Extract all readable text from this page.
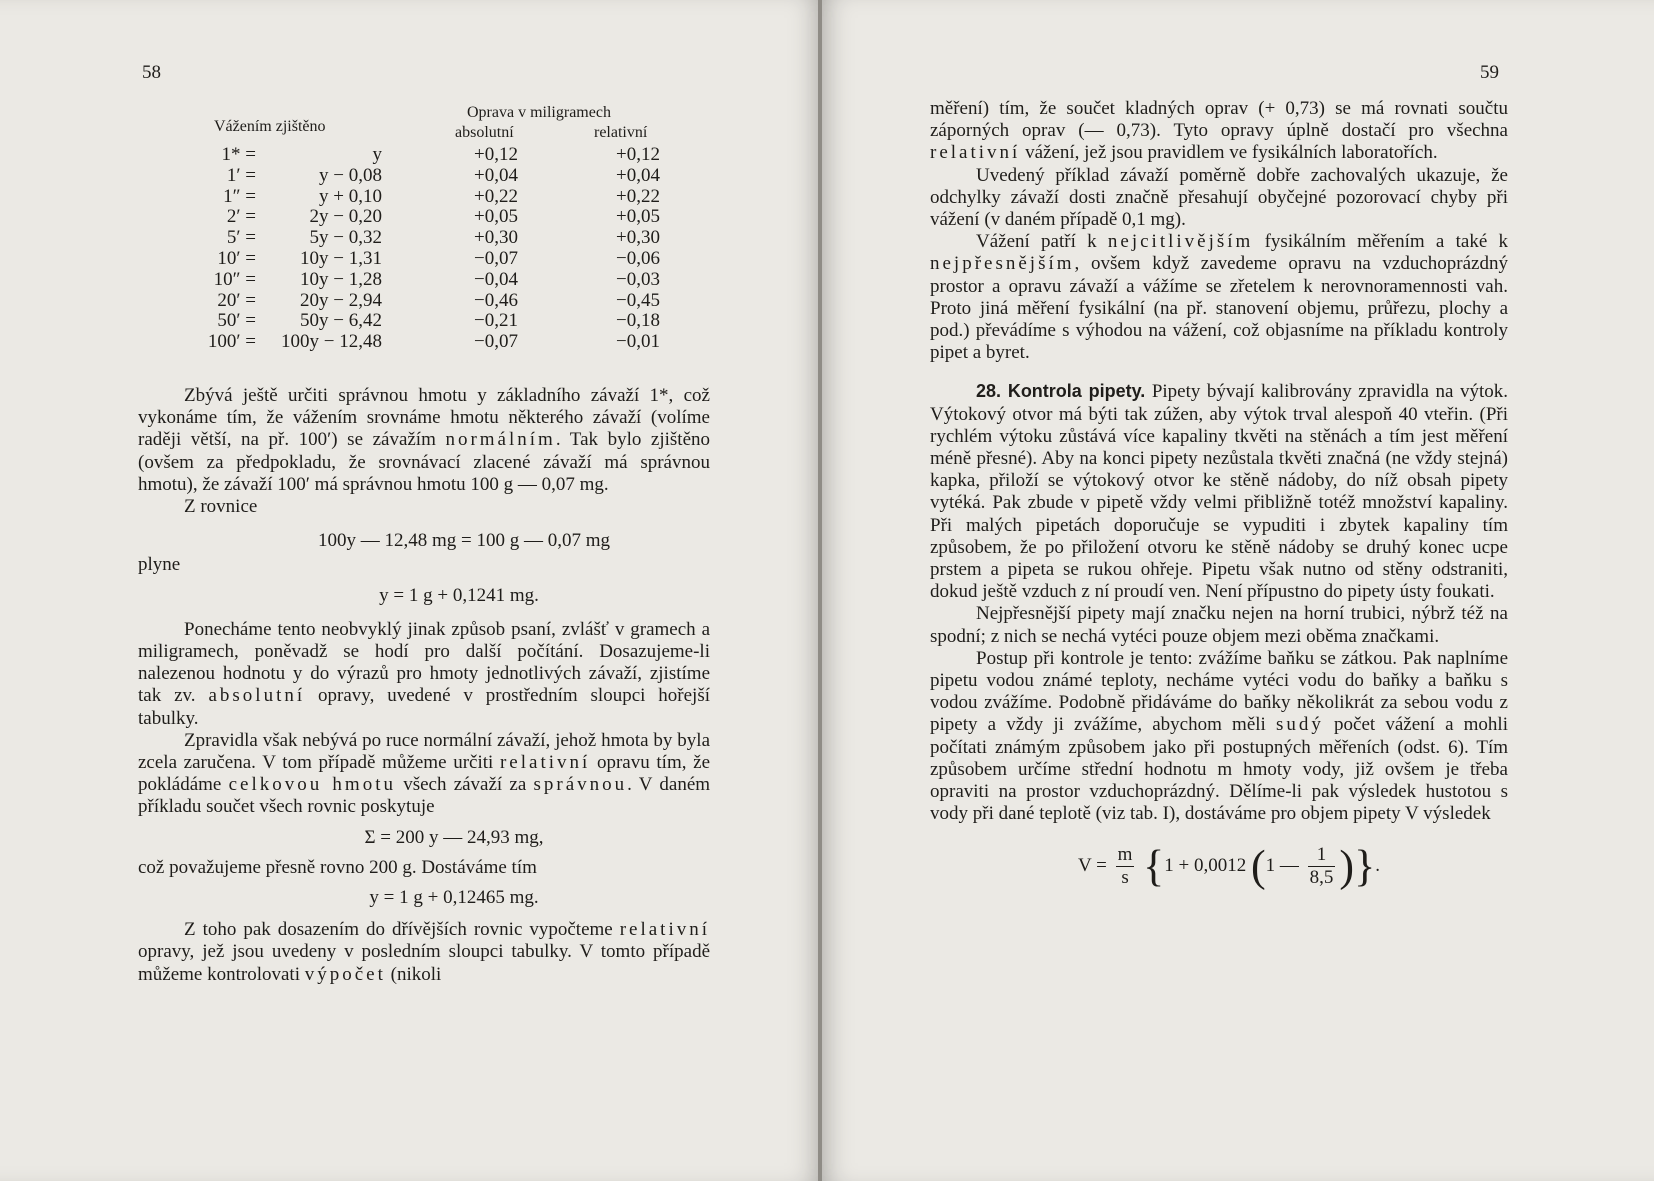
58
Vážením zjištěno
Oprava v miligramech
absolutní	relativní
1* =	y	+0,12	+0,12
1′ =	y − 0,08	+0,04	+0,04
1″ =	y + 0,10	+0,22	+0,22
2′ =	2y − 0,20	+0,05	+0,05
5′ =	5y − 0,32	+0,30	+0,30
10′ =	10y − 1,31	−0,07	−0,06
10″ =	10y − 1,28	−0,04	−0,03
20′ =	20y − 2,94	−0,46	−0,45
50′ =	50y − 6,42	−0,21	−0,18
100′ =	100y − 12,48	−0,07	−0,01

Zbývá ještě určiti správnou hmotu y základního závaží 1*, což vykonáme tím, že vážením srovnáme hmotu některého závaží (volíme raději větší, na př. 100′) se závažím normálním. Tak bylo zjištěno (ovšem za předpokladu, že srovnávací zlacené závaží má správnou hmotu), že závaží 100′ má správnou hmotu 100 g — 0,07 mg.

Z rovnice

100y — 12,48 mg = 100 g — 0,07 mg

plyne

y = 1 g + 0,1241 mg.

Ponecháme tento neobvyklý jinak způsob psaní, zvlášť v gramech a miligramech, poněvadž se hodí pro další počítání. Dosazujeme-li nalezenou hodnotu y do výrazů pro hmoty jednotlivých závaží, zjistíme tak zv. absolutní opravy, uvedené v prostředním sloupci hořejší tabulky.

Zpravidla však nebývá po ruce normální závaží, jehož hmota by byla zcela zaručena. V tom případě můžeme určiti relativní opravu tím, že pokládáme celkovou hmotu všech závaží za správnou. V daném příkladu součet všech rovnic poskytuje

Σ = 200 y — 24,93 mg,

což považujeme přesně rovno 200 g. Dostáváme tím

y = 1 g + 0,12465 mg.

Z toho pak dosazením do dřívějších rovnic vypočteme relativní opravy, jež jsou uvedeny v posledním sloupci tabulky. V tomto případě můžeme kontrolovati výpočet (nikoli

59

měření) tím, že součet kladných oprav (+ 0,73) se má rovnati součtu záporných oprav (— 0,73). Tyto opravy úplně dostačí pro všechna relativní vážení, jež jsou pravidlem ve fysikálních laboratořích.

Uvedený příklad závaží poměrně dobře zachovalých ukazuje, že odchylky závaží dosti značně přesahují obyčejné pozorovací chyby při vážení (v daném případě 0,1 mg).

Vážení patří k nejcitlivějším fysikálním měřením a také k nejpřesnějším, ovšem když zavedeme opravu na vzduchoprázdný prostor a opravu závaží a vážíme se zřetelem k nerovnoramennosti vah. Proto jiná měření fysikální (na př. stanovení objemu, průřezu, plochy a pod.) převádíme s výhodou na vážení, což objasníme na příkladu kontroly pipet a byret.

28. Kontrola pipety. Pipety bývají kalibrovány zpravidla na výtok. Výtokový otvor má býti tak zúžen, aby výtok trval alespoň 40 vteřin. (Při rychlém výtoku zůstává více kapaliny tkvěti na stěnách a tím jest měření méně přesné). Aby na konci pipety nezůstala tkvěti značná (ne vždy stejná) kapka, přiloží se výtokový otvor ke stěně nádoby, do níž obsah pipety vytéká. Pak zbude v pipetě vždy velmi přibližně totéž množství kapaliny. Při malých pipetách doporučuje se vypuditi i zbytek kapaliny tím způsobem, že po přiložení otvoru ke stěně nádoby se druhý konec ucpe prstem a pipeta se rukou ohřeje. Pipetu však nutno od stěny odstraniti, dokud ještě vzduch z ní proudí ven. Není přípustno do pipety ústy foukati.

Nejpřesnější pipety mají značku nejen na horní trubici, nýbrž též na spodní; z nich se nechá vytéci pouze objem mezi oběma značkami.

Postup při kontrole je tento: zvážíme baňku se zátkou. Pak naplníme pipetu vodou známé teploty, necháme vytéci vodu do baňky a baňku s vodou zvážíme. Podobně přidáváme do baňky několikrát za sebou vodu z pipety a vždy ji zvážíme, abychom měli sudý počet vážení a mohli počítati známým způsobem jako při postupných měřeních (odst. 6). Tím způsobem určíme střední hodnotu m hmoty vody, již ovšem je třeba opraviti na prostor vzduchoprázdný. Dělíme-li pak výsledek hustotou s vody při dané teplotě (viz tab. I), dostáváme pro objem pipety V výsledek

$V = \frac{m}{s} \{1 + 0,0012$ (1 — $\frac{1}{8,5}$ )}.
